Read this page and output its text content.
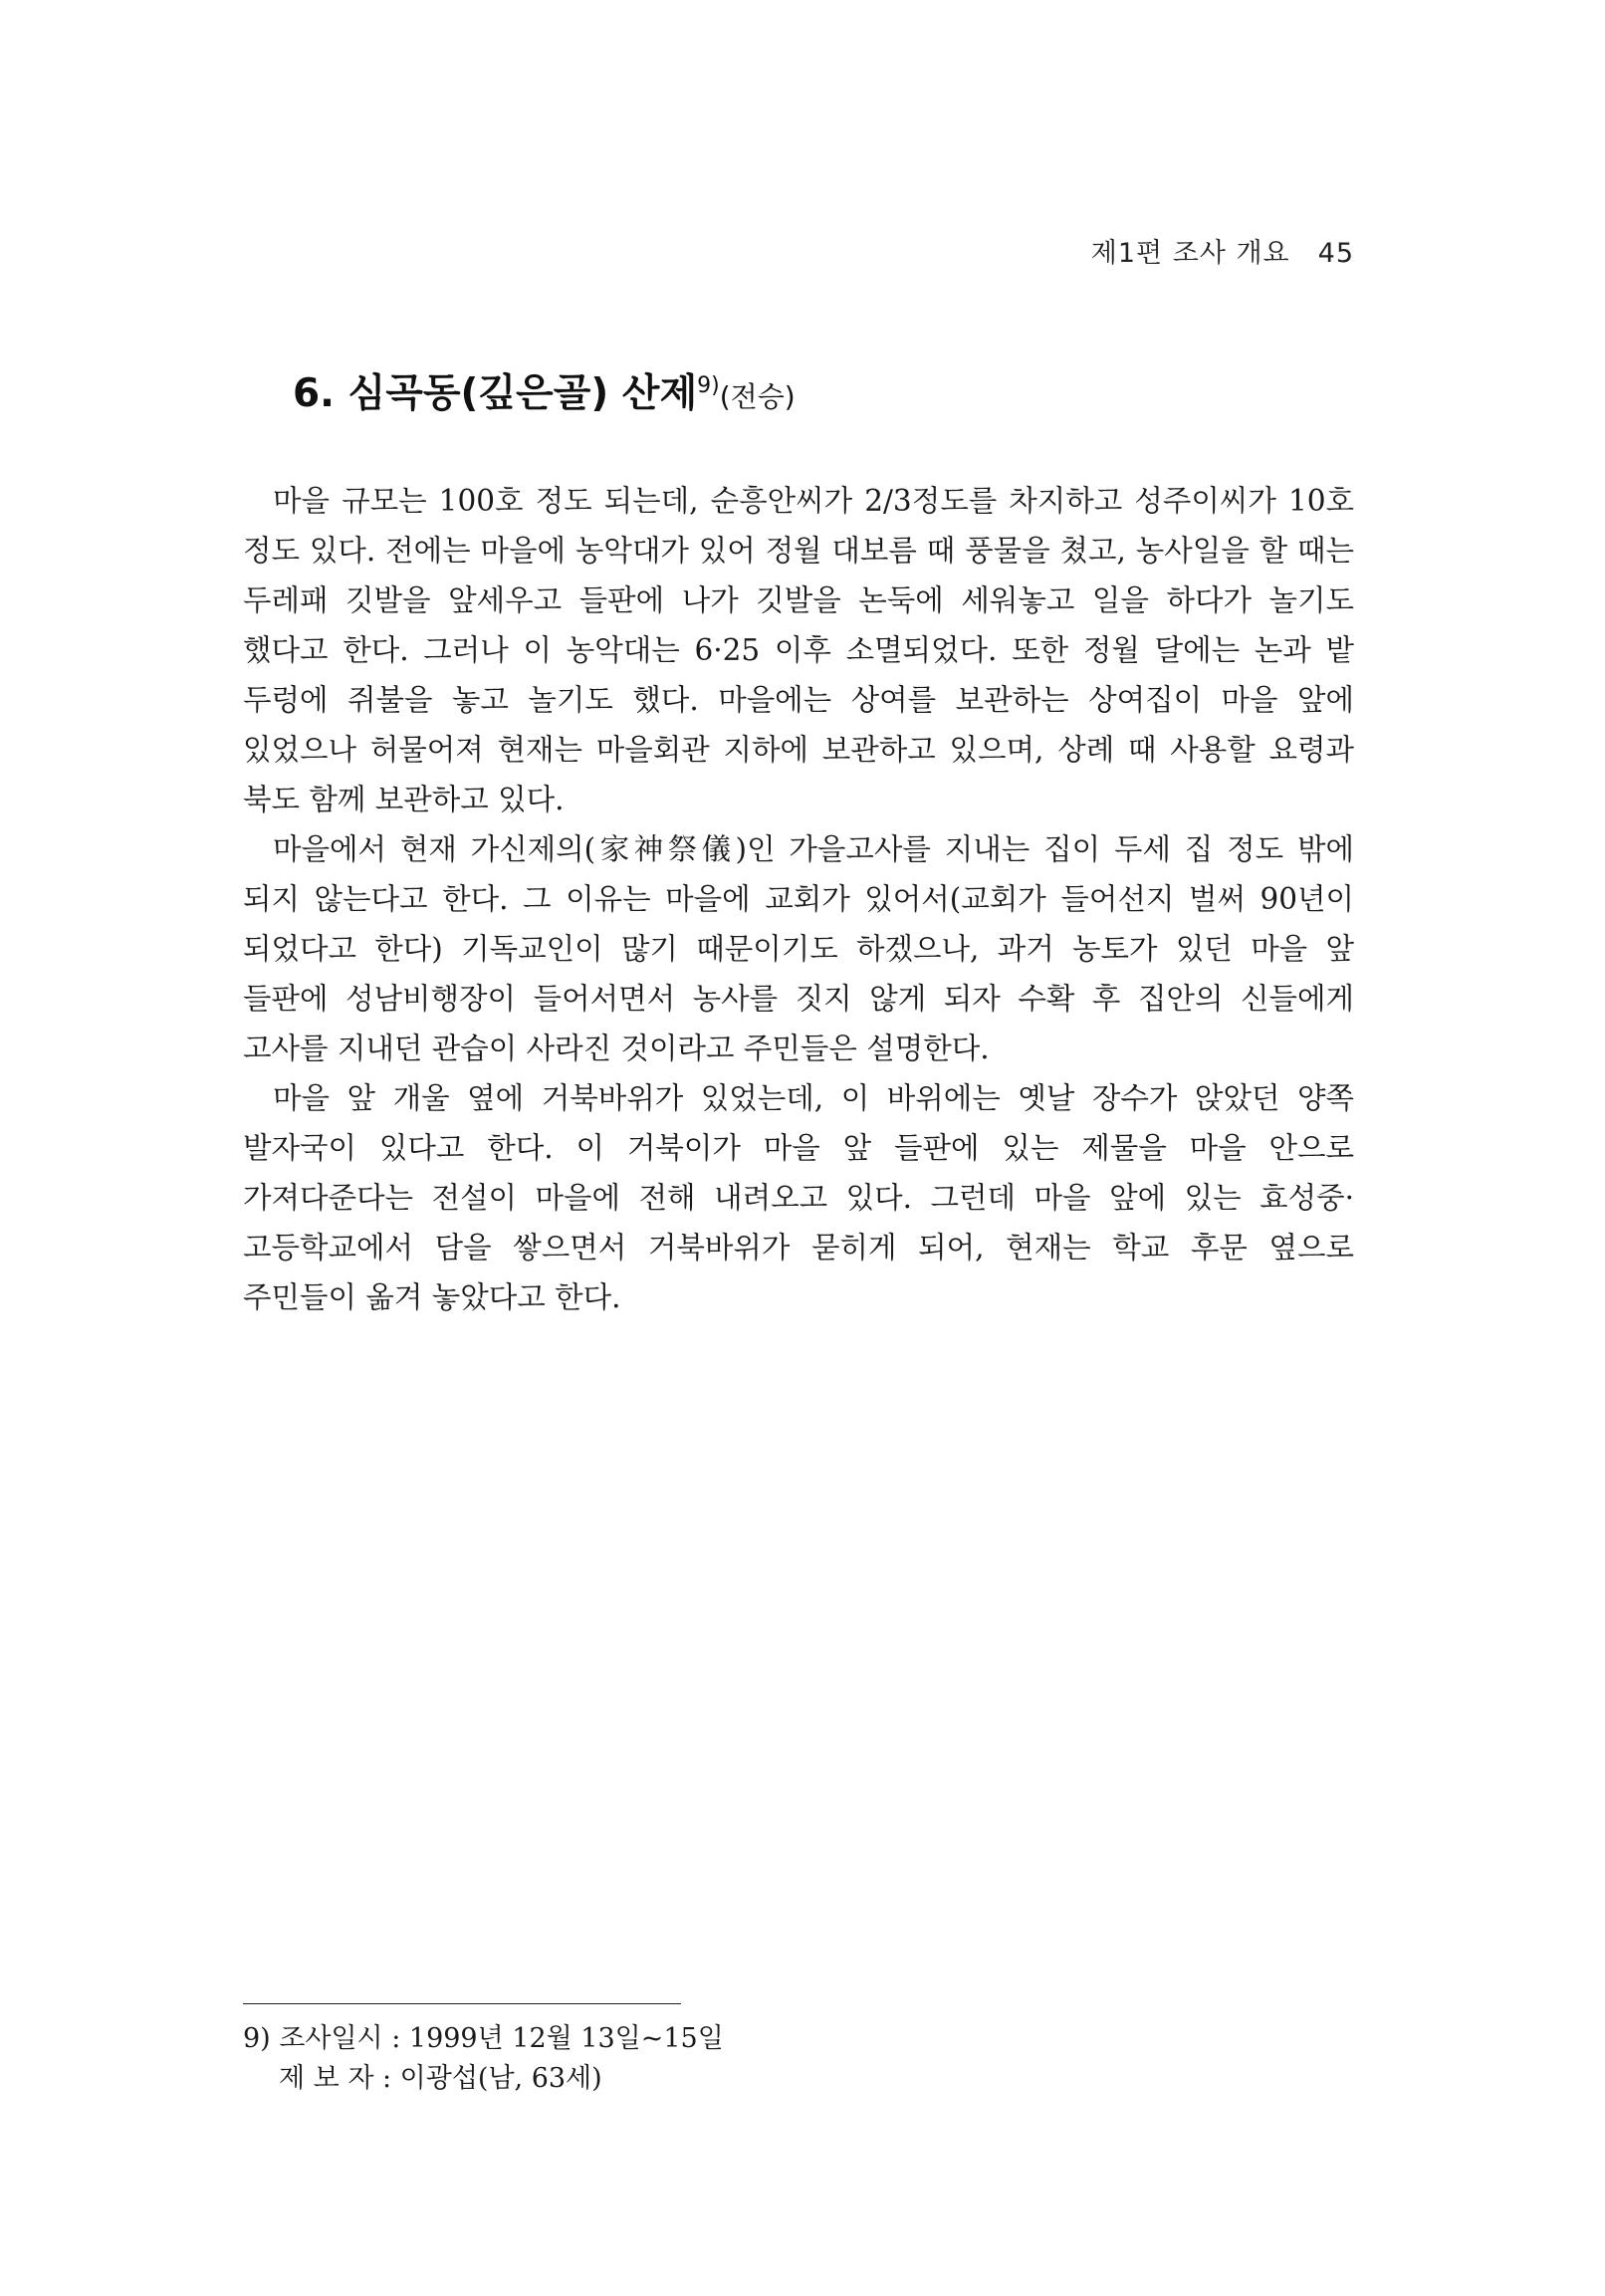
제1편 조사 개요 45
6. 심곡동(깊은골) 산제$^{9)}$(전승)

마을 규모는 100호 정도 되는데, 순흥안씨가 2/3정도를 차지하고 성주이씨가 10호 정도 있다. 전에는 마을에 농악대가 있어 정월 대보름 때 풍물을 쳤고, 농사일을 할 때는 두레패 깃발을 앞세우고 들판에 나가 깃발을 논둑에 세워놓고 일을 하다가 놀기도 했다고 한다. 그러나 이 농악대는 6·25 이후 소멸되었다. 또한 정월 달에는 논과 밭 두렁에 쥐불을 놓고 놀기도 했다. 마을에는 상여를 보관하는 상여집이 마을 앞에 있었으나 허물어져 현재는 마을회관 지하에 보관하고 있으며, 상례 때 사용할 요령과 북도 함께 보관하고 있다.

마을에서 현재 가신제의(家神祭儀)인 가을고사를 지내는 집이 두세 집 정도 밖에 되지 않는다고 한다. 그 이유는 마을에 교회가 있어서(교회가 들어선지 벌써 90년이 되었다고 한다) 기독교인이 많기 때문이기도 하겠으나, 과거 농토가 있던 마을 앞 들판에 성남비행장이 들어서면서 농사를 짓지 않게 되자 수확 후 집안의 신들에게 고사를 지내던 관습이 사라진 것이라고 주민들은 설명한다.

마을 앞 개울 옆에 거북바위가 있었는데, 이 바위에는 옛날 장수가 앉았던 양쪽 발자국이 있다고 한다. 이 거북이가 마을 앞 들판에 있는 제물을 마을 안으로 가져다준다는 전설이 마을에 전해 내려오고 있다. 그런데 마을 앞에 있는 효성중·고등학교에서 담을 쌓으면서 거북바위가 묻히게 되어, 현재는 학교 후문 옆으로 주민들이 옮겨 놓았다고 한다.

9) 조사일시 : 1999년 12월 13일~15일
제 보 자 : 이광섭(남, 63세)
